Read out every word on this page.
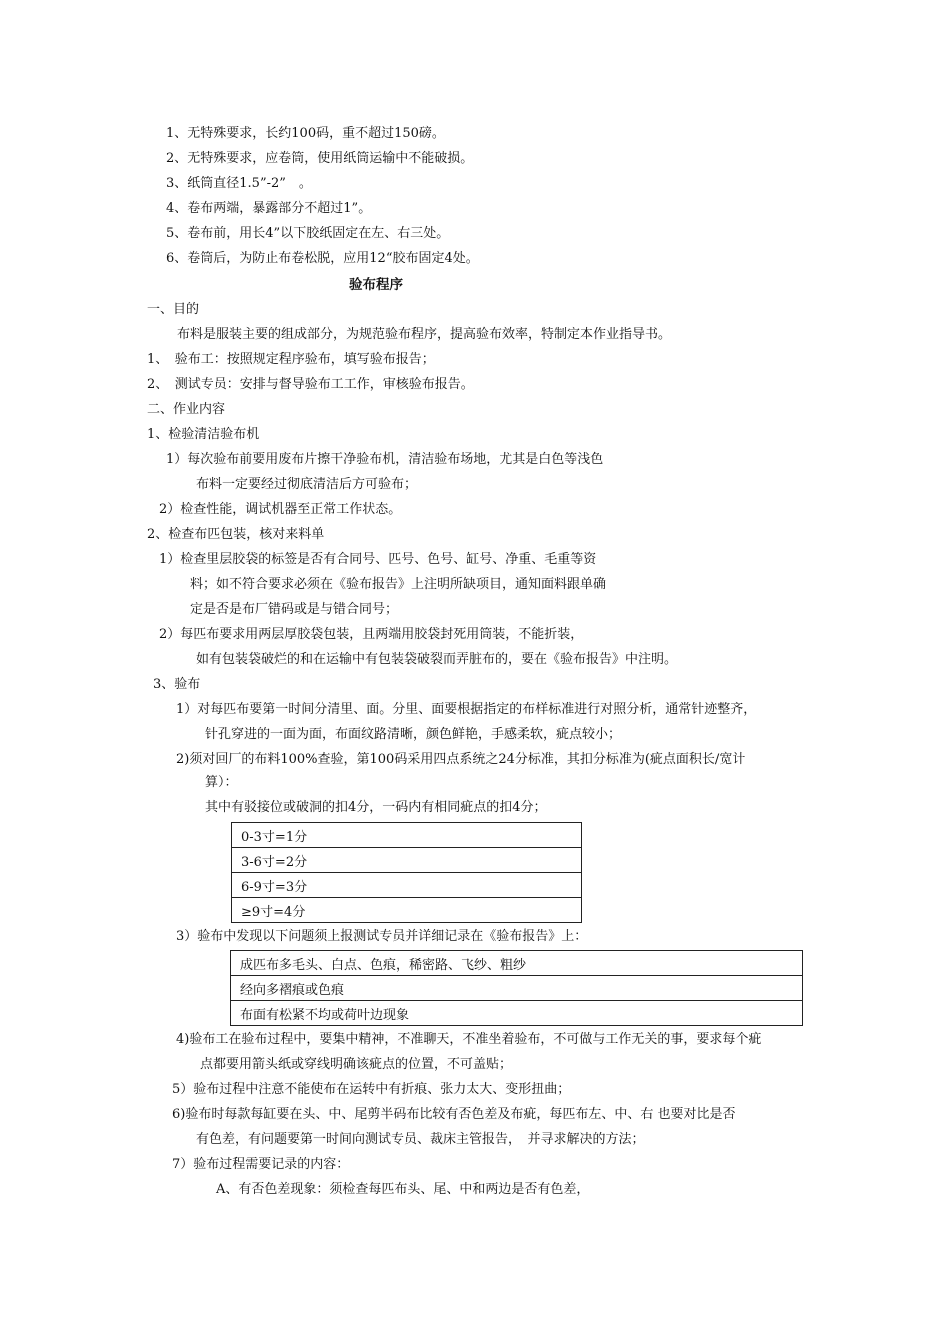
1、无特殊要求，长约100码，重不超过150磅。
2、无特殊要求，应卷筒，使用纸筒运输中不能破损。
3、纸筒直径1.5”-2”　。
4、卷布两端，暴露部分不超过1”。
5、卷布前，用长4”以下胶纸固定在左、右三处。
6、卷筒后，为防止布卷松脱，应用12“胶布固定4处。
验布程序
一、目的
布料是服装主要的组成部分，为规范验布程序，提高验布效率，特制定本作业指导书。
1、　验布工：按照规定程序验布，填写验布报告；
2、　测试专员：安排与督导验布工工作，审核验布报告。
二、作业内容
1、检验清洁验布机
1）每次验布前要用废布片擦干净验布机，清洁验布场地，尤其是白色等浅色
布料一定要经过彻底清洁后方可验布；
2）检查性能，调试机器至正常工作状态。
2、检查布匹包装，核对来料单
1）检查里层胶袋的标签是否有合同号、匹号、色号、缸号、净重、毛重等资
料；如不符合要求必须在《验布报告》上注明所缺项目，通知面料跟单确
定是否是布厂错码或是与错合同号；
2）每匹布要求用两层厚胶袋包装，且两端用胶袋封死用筒装，不能折装，
如有包装袋破烂的和在运输中有包装袋破裂而弄脏布的，要在《验布报告》中注明。
3、验布
1）对每匹布要第一时间分清里、面。分里、面要根据指定的布样标准进行对照分析，通常针迹整齐，
针孔穿进的一面为面，布面纹路清晰，颜色鲜艳，手感柔软，疵点较小；
2)须对回厂的布料100%查验，第100码采用四点系统之24分标准，其扣分标准为(疵点面积长/宽计
算）：
其中有驳接位或破洞的扣4分，一码内有相同疵点的扣4分；
0-3寸=1分
3-6寸=2分
6-9寸=3分
≥9寸=4分
3）验布中发现以下问题须上报测试专员并详细记录在《验布报告》上：
成匹布多毛头、白点、色痕，稀密路、飞纱、粗纱
经向多褶痕或色痕
布面有松紧不均或荷叶边现象
4)验布工在验布过程中，要集中精神，不准聊天，不准坐着验布，不可做与工作无关的事，要求每个疵
点都要用箭头纸或穿线明确该疵点的位置，不可盖贴；
5）验布过程中注意不能使布在运转中有折痕、张力太大、变形扭曲；
6)验布时每款每缸要在头、中、尾剪半码布比较有否色差及布疵，每匹布左、中、右 也要对比是否
有色差，有问题要第一时间向测试专员、裁床主管报告，　并寻求解决的方法；
7）验布过程需要记录的内容：
A、有否色差现象：须检查每匹布头、尾、中和两边是否有色差，
